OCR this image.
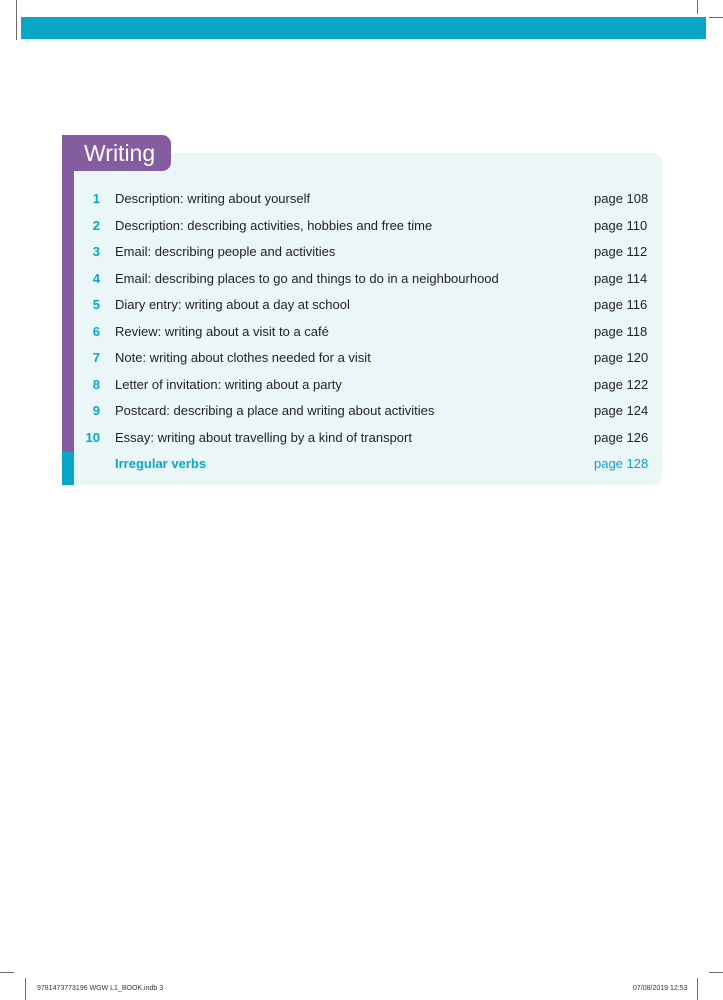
Writing
1 Description: writing about yourself	page 108
2 Description: describing activities, hobbies and free time	page 110
3 Email: describing people and activities	page 112
4 Email: describing places to go and things to do in a neighbourhood	page 114
5 Diary entry: writing about a day at school	page 116
6 Review: writing about a visit to a café	page 118
7 Note: writing about clothes needed for a visit	page 120
8 Letter of invitation: writing about a party	page 122
9 Postcard: describing a place and writing about activities	page 124
10 Essay: writing about travelling by a kind of transport	page 126
Irregular verbs	page 128
9781473773196 WGW L1_BOOK.indb 3	07/08/2019 12:53
